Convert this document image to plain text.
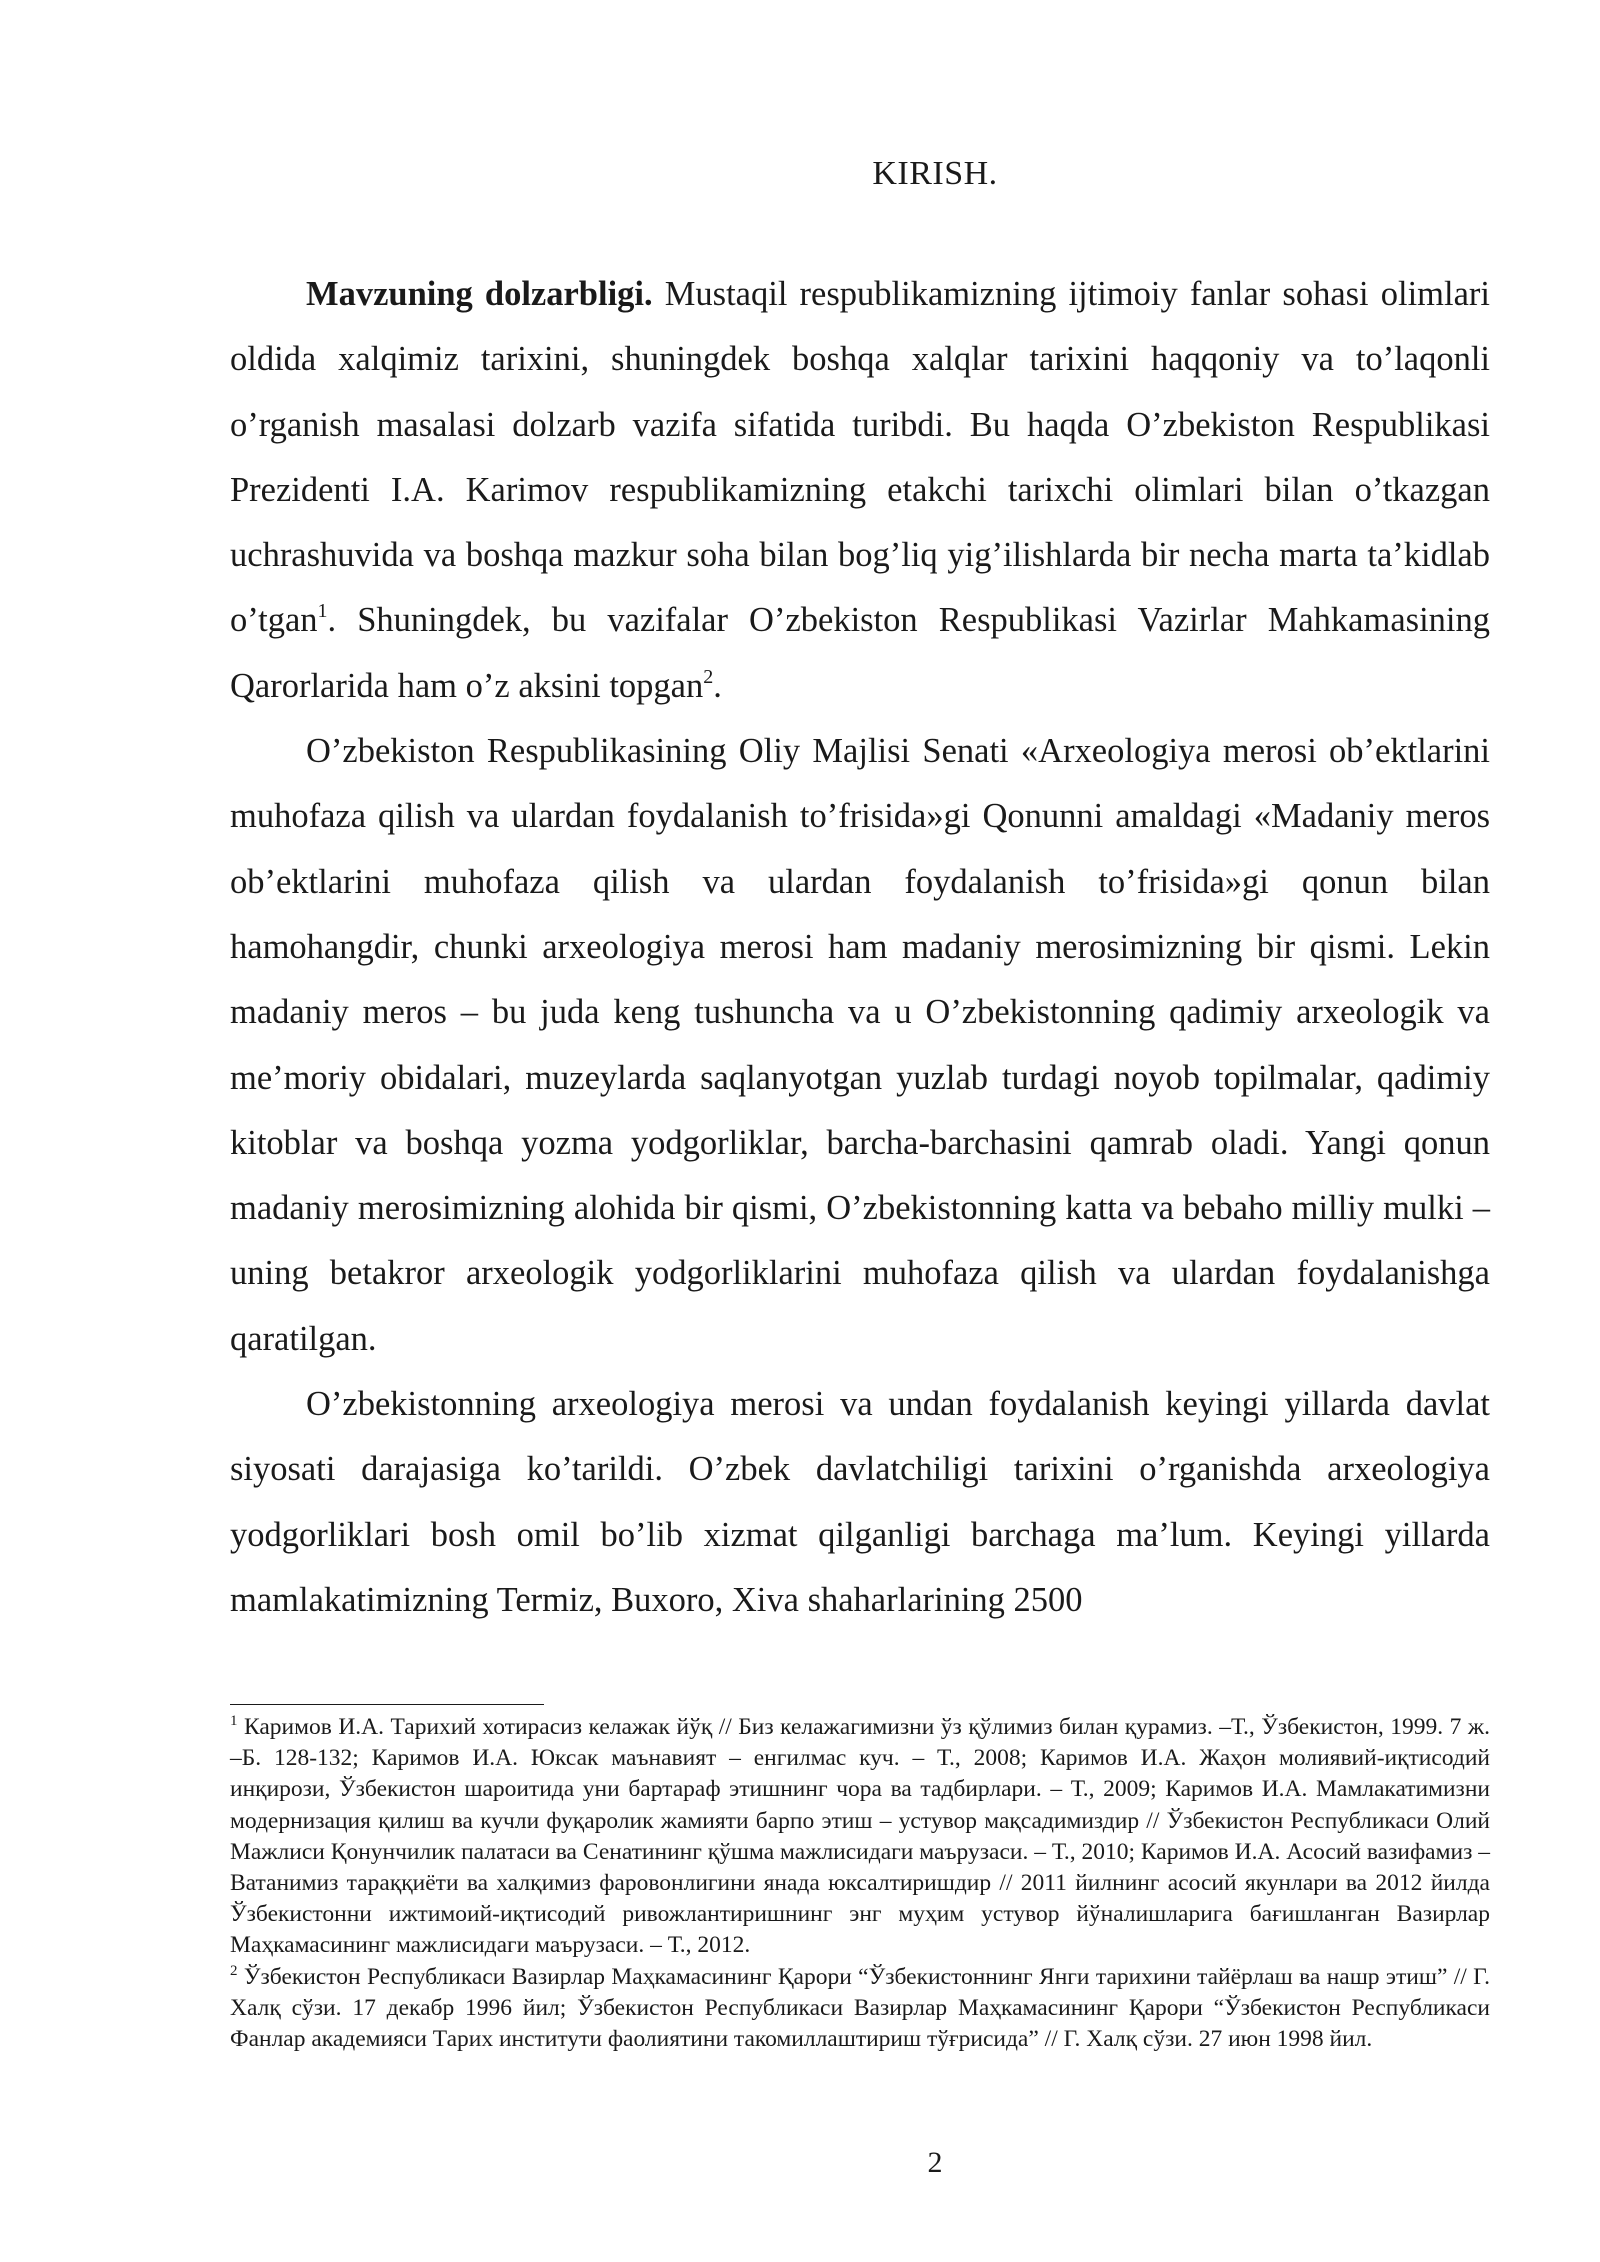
KIRISH.

Mavzuning dolzarbligi. Mustaqil respublikamizning ijtimoiy fanlar sohasi olimlari oldida xalqimiz tarixini, shuningdek boshqa xalqlar tarixini haqqoniy va to’laqonli o’rganish masalasi dolzarb vazifa sifatida turibdi. Bu haqda O’zbekiston Respublikasi Prezidenti I.A. Karimov respublikamizning etakchi tarixchi olimlari bilan o’tkazgan uchrashuvida va boshqa mazkur soha bilan bog’liq yig’ilishlarda bir necha marta ta’kidlab o’tgan$^1$. Shuningdek, bu vazifalar O’zbekiston Respublikasi Vazirlar Mahkamasining Qarorlarida ham o’z aksini topgan$^2$.

O’zbekiston Respublikasining Oliy Majlisi Senati «Arxeologiya merosi ob’ektlarini muhofaza qilish va ulardan foydalanish to’frisida»gi Qonunni amaldagi «Madaniy meros ob’ektlarini muhofaza qilish va ulardan foydalanish to’frisida»gi qonun bilan hamohangdir, chunki arxeologiya merosi ham madaniy merosimizning bir qismi. Lekin madaniy meros – bu juda keng tushuncha va u O’zbekistonning qadimiy arxeologik va me’moriy obidalari, muzeylarda saqlanyotgan yuzlab turdagi noyob topilmalar, qadimiy kitoblar va boshqa yozma yodgorliklar, barcha-barchasini qamrab oladi. Yangi qonun madaniy merosimizning alohida bir qismi, O’zbekistonning katta va bebaho milliy mulki – uning betakror arxeologik yodgorliklarini muhofaza qilish va ulardan foydalanishga qaratilgan.

O’zbekistonning arxeologiya merosi va undan foydalanish keyingi yillarda davlat siyosati darajasiga ko’tarildi. O’zbek davlatchiligi tarixini o’rganishda arxeologiya yodgorliklari bosh omil bo’lib xizmat qilganligi barchaga ma’lum. Keyingi yillarda mamlakatimizning Termiz, Buxoro, Xiva shaharlarining 2500

$^1$ Каримов И.А. Тарихий хотирасиз келажак йўқ // Биз келажагимизни ўз қўлимиз билан қурамиз. –Т., Ўзбекистон, 1999. 7 ж. –Б. 128-132; Каримов И.А. Юксак маънавият – енгилмас куч. – Т., 2008; Каримов И.А. Жаҳон молиявий-иқтисодий инқирози, Ўзбекистон шароитида уни бартараф этишнинг чора ва тадбирлари. – Т., 2009; Каримов И.А. Мамлакатимизни модернизация қилиш ва кучли фуқаролик жамияти барпо этиш – устувор мақсадимиздир // Ўзбекистон Республикаси Олий Мажлиси Қонунчилик палатаси ва Сенатининг қўшма мажлисидаги маърузаси. – Т., 2010; Каримов И.А. Асосий вазифамиз – Ватанимиз тараққиёти ва халқимиз фаровонлигини янада юксалтиришдир // 2011 йилнинг асосий якунлари ва 2012 йилда Ўзбекистонни ижтимоий-иқтисодий ривожлантиришнинг энг муҳим устувор йўналишларига бағишланган Вазирлар Маҳкамасининг мажлисидаги маърузаси. – Т., 2012.

$^2$ Ўзбекистон Республикаси Вазирлар Маҳкамасининг Қарори “Ўзбекистоннинг Янги тарихини тайёрлаш ва нашр этиш” // Г. Халқ сўзи. 17 декабр 1996 йил; Ўзбекистон Республикаси Вазирлар Маҳкамасининг Қарори “Ўзбекистон Республикаси Фанлар академияси Тарих институти фаолиятини такомиллаштириш тўғрисида” // Г. Халқ сўзи. 27 июн 1998 йил.

2
